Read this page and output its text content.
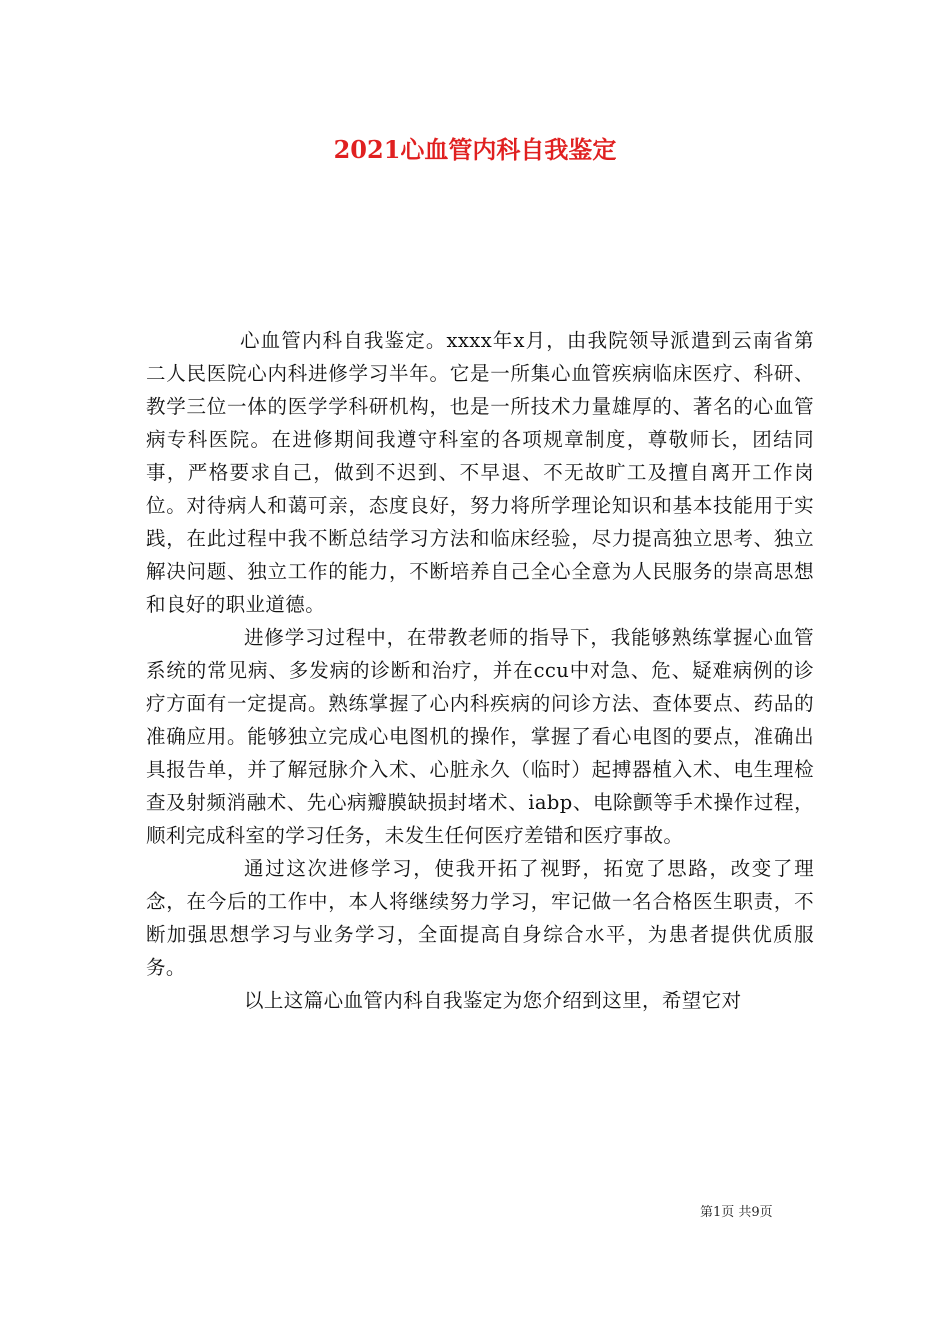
2021心血管内科自我鉴定

心血管内科自我鉴定。xxxx年x月，由我院领导派遣到云南省第二人民医院心内科进修学习半年。它是一所集心血管疾病临床医疗、科研、教学三位一体的医学学科研机构，也是一所技术力量雄厚的、著名的心血管病专科医院。在进修期间我遵守科室的各项规章制度，尊敬师长，团结同事，严格要求自己，做到不迟到、不早退、不无故旷工及擅自离开工作岗位。对待病人和蔼可亲，态度良好，努力将所学理论知识和基本技能用于实践，在此过程中我不断总结学习方法和临床经验，尽力提高独立思考、独立解决问题、独立工作的能力，不断培养自己全心全意为人民服务的崇高思想和良好的职业道德。

进修学习过程中，在带教老师的指导下，我能够熟练掌握心血管系统的常见病、多发病的诊断和治疗，并在ccu中对急、危、疑难病例的诊疗方面有一定提高。熟练掌握了心内科疾病的问诊方法、查体要点、药品的准确应用。能够独立完成心电图机的操作，掌握了看心电图的要点，准确出具报告单，并了解冠脉介入术、心脏永久（临时）起搏器植入术、电生理检查及射频消融术、先心病瓣膜缺损封堵术、iabp、电除颤等手术操作过程，顺利完成科室的学习任务，未发生任何医疗差错和医疗事故。

通过这次进修学习，使我开拓了视野，拓宽了思路，改变了理念，在今后的工作中，本人将继续努力学习，牢记做一名合格医生职责，不断加强思想学习与业务学习，全面提高自身综合水平，为患者提供优质服务。

以上这篇心血管内科自我鉴定为您介绍到这里，希望它对

第1页 共9页
